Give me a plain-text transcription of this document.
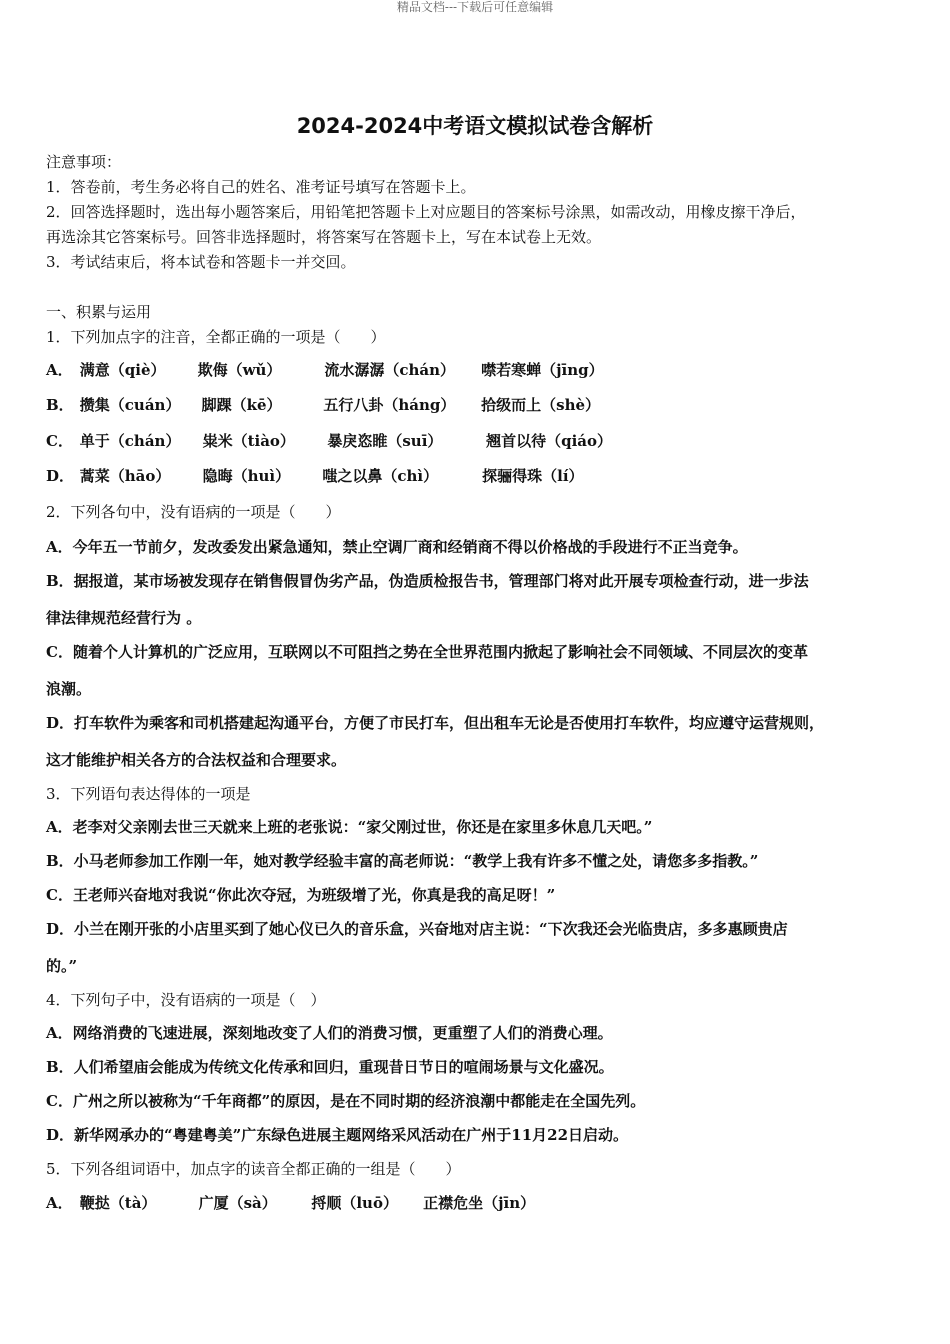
精品文档---下载后可任意编辑
2024-2024中考语文模拟试卷含解析
注意事项：
1．答卷前，考生务必将自己的姓名、准考证号填写在答题卡上。
2．回答选择题时，选出每小题答案后，用铅笔把答题卡上对应题目的答案标号涂黑，如需改动，用橡皮擦干净后，
再选涂其它答案标号。回答非选择题时，将答案写在答题卡上，写在本试卷上无效。
3．考试结束后，将本试卷和答题卡一并交回。
一、积累与运用
1．下列加点字的注音，全都正确的一项是（　　）
A． 满意（qiè） 欺侮（wǔ）	流水潺潺（chán） 噤若寒蝉（jīng）
B． 攒集（cuán） 脚踝（kē）	五行八卦（háng） 拾级而上（shè）
C． 单于（chán） 粜米（tiào） 暴戾恣睢（suī）	翘首以待（qiáo）
D． 蒿菜（hāo） 隐晦（huì） 嗤之以鼻（chì）	探骊得珠（lí）
2．下列各句中，没有语病的一项是（　　）
A．今年五一节前夕，发改委发出紧急通知，禁止空调厂商和经销商不得以价格战的手段进行不正当竞争。
B．据报道，某市场被发现存在销售假冒伪劣产品，伪造质检报告书，管理部门将对此开展专项检查行动，进一步法
律法律规范经营行为 。
C．随着个人计算机的广泛应用，互联网以不可阻挡之势在全世界范围内掀起了影响社会不同领域、不同层次的变革
浪潮。
D．打车软件为乘客和司机搭建起沟通平台，方便了市民打车，但出租车无论是否使用打车软件，均应遵守运营规则，
这才能维护相关各方的合法权益和合理要求。
3．下列语句表达得体的一项是
A．老李对父亲刚去世三天就来上班的老张说：“家父刚过世，你还是在家里多休息几天吧。”
B．小马老师参加工作刚一年，她对教学经验丰富的高老师说：“教学上我有许多不懂之处，请您多多指教。”
C．王老师兴奋地对我说“你此次夺冠，为班级增了光，你真是我的高足呀！”
D．小兰在刚开张的小店里买到了她心仪已久的音乐盒，兴奋地对店主说：“下次我还会光临贵店，多多惠顾贵店
的。”
4．下列句子中，没有语病的一项是（　）
A．网络消费的飞速进展，深刻地改变了人们的消费习惯，更重塑了人们的消费心理。
B．人们希望庙会能成为传统文化传承和回归，重现昔日节日的喧闹场景与文化盛况。
C．广州之所以被称为“千年商都”的原因，是在不同时期的经济浪潮中都能走在全国先列。
D．新华网承办的“粤建粤美”广东绿色进展主题网络采风活动在广州于11月22日启动。
5．下列各组词语中，加点字的读音全都正确的一组是（　　）
A． 鞭挞（tà）	广厦（sà） 捋顺（luō） 正襟危坐（jīn）
